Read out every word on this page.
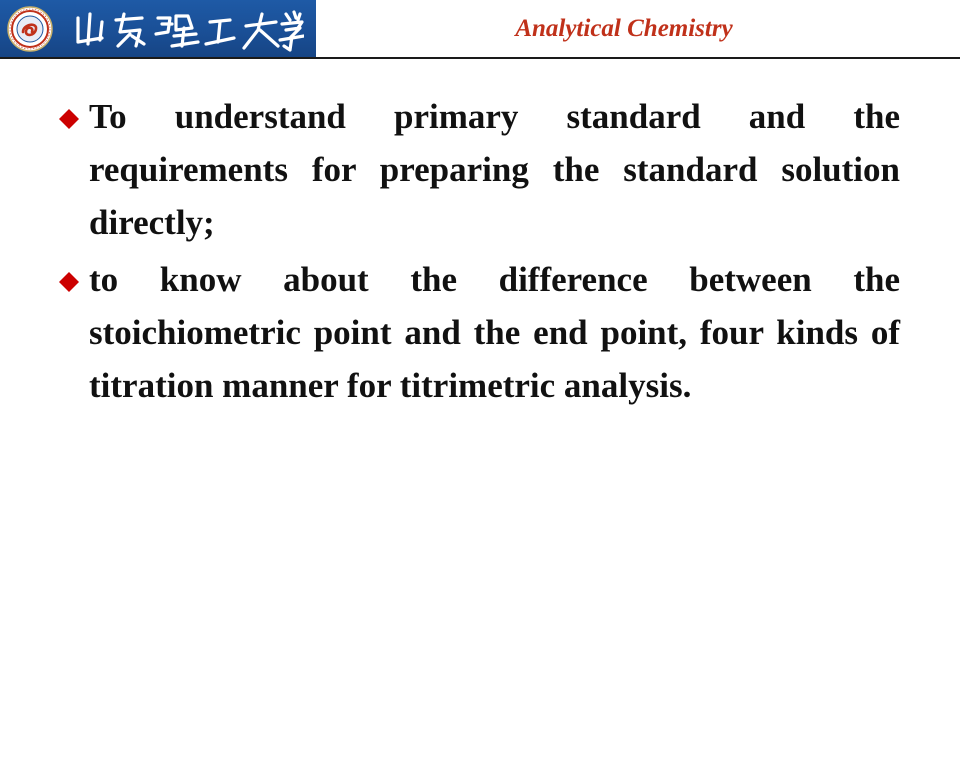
Analytical Chemistry

To understand primary standard and the requirements for preparing the standard solution directly;

to know about the difference between the stoichiometric point and the end point, four kinds of titration manner for titrimetric analysis.
